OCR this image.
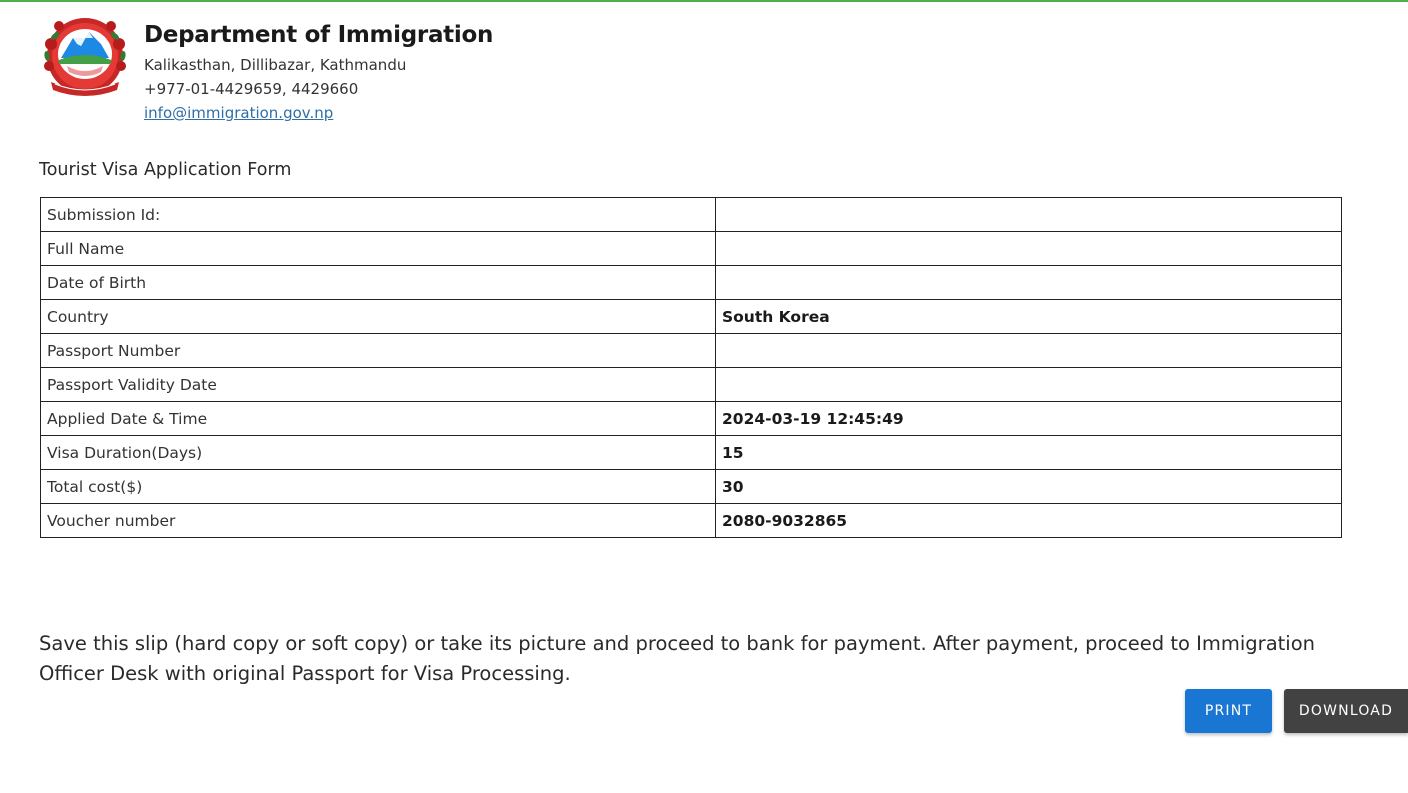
Department of Immigration
Kalikasthan, Dillibazar, Kathmandu
+977-01-4429659, 4429660
info@immigration.gov.np
Tourist Visa Application Form
Submission Id:	
Full Name	
Date of Birth	
Country	South Korea
Passport Number	
Passport Validity Date	
Applied Date & Time	2024-03-19 12:45:49
Visa Duration(Days)	15
Total cost($)	30
Voucher number	2080-9032865
Save this slip (hard copy or soft copy) or take its picture and proceed to bank for payment. After payment, proceed to Immigration Officer Desk with original Passport for Visa Processing.
PRINT	DOWNLOAD
